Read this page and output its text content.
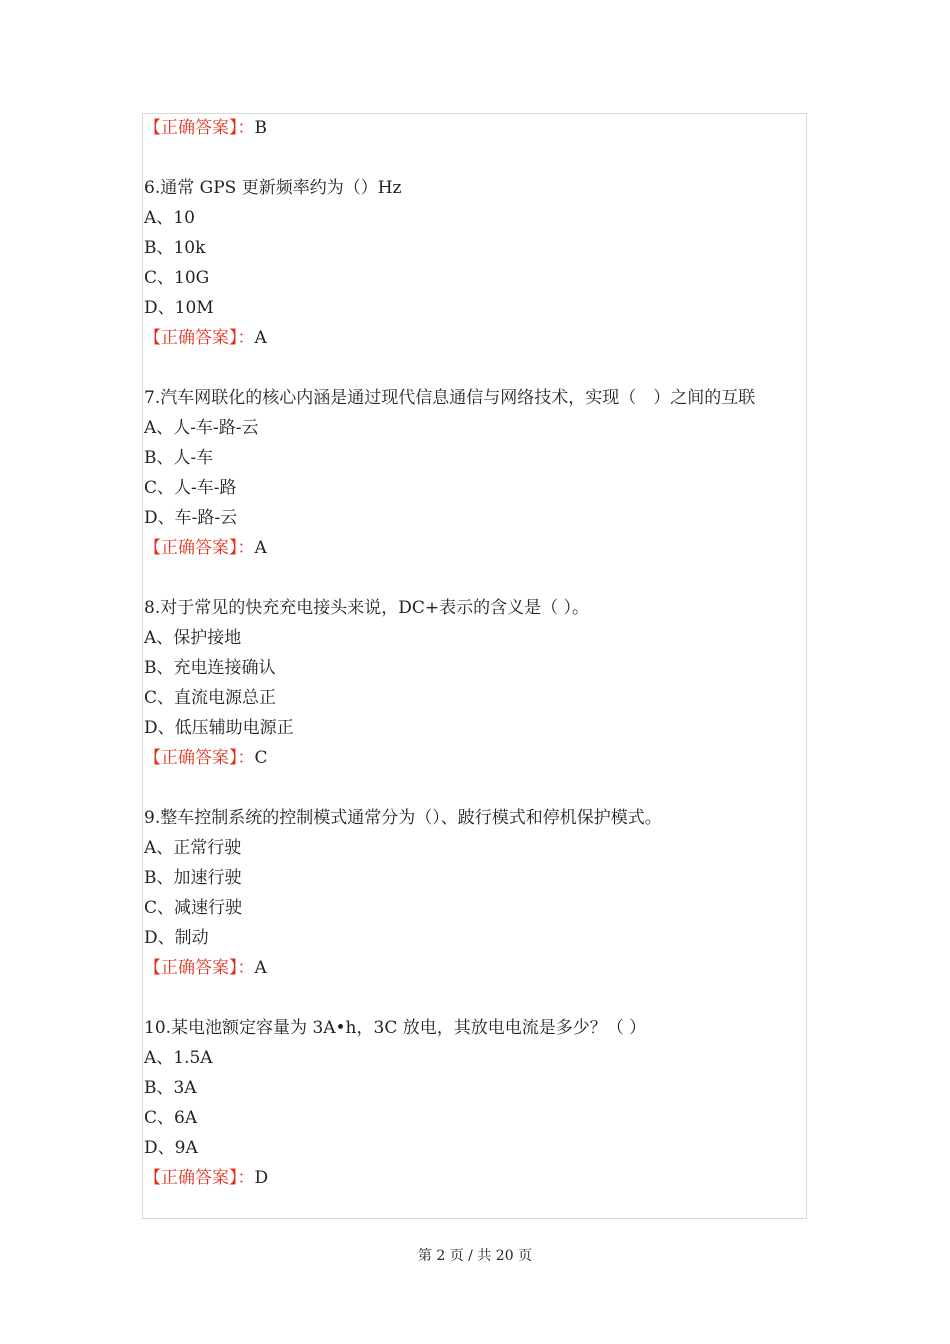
【正确答案】：B
6.通常 GPS 更新频率约为（）Hz
A、10
B、10k
C、10G
D、10M
【正确答案】：A
7.汽车网联化的核心内涵是通过现代信息通信与网络技术，实现（　）之间的互联
A、人-车-路-云
B、人-车
C、人-车-路
D、车-路-云
【正确答案】：A
8.对于常见的快充充电接头来说，DC+表示的含义是（ ）。
A、保护接地
B、充电连接确认
C、直流电源总正
D、低压辅助电源正
【正确答案】：C
9.整车控制系统的控制模式通常分为（）、跛行模式和停机保护模式。
A、正常行驶
B、加速行驶
C、减速行驶
D、制动
【正确答案】：A
10.某电池额定容量为 3A•h，3C 放电，其放电电流是多少？（ ）
A、1.5A
B、3A
C、6A
D、9A
【正确答案】：D
第 2 页 / 共 20 页
